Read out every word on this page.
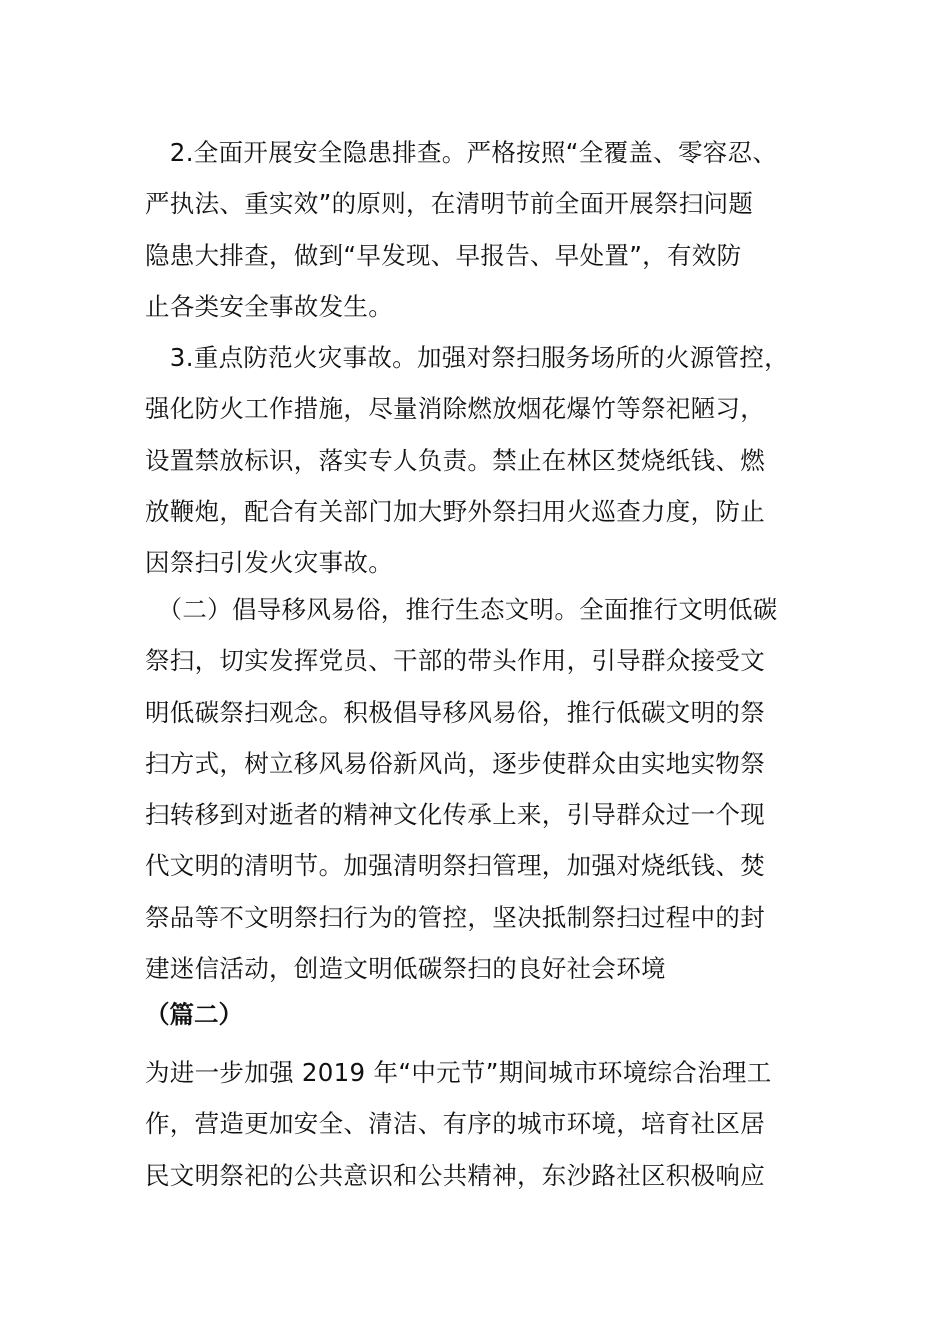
　2.全面开展安全隐患排查。严格按照“全覆盖、零容忍、
严执法、重实效”的原则，在清明节前全面开展祭扫问题
隐患大排查，做到“早发现、早报告、早处置”，有效防
止各类安全事故发生。
　3.重点防范火灾事故。加强对祭扫服务场所的火源管控，
强化防火工作措施，尽量消除燃放烟花爆竹等祭祀陋习，
设置禁放标识，落实专人负责。禁止在林区焚烧纸钱、燃
放鞭炮，配合有关部门加大野外祭扫用火巡查力度，防止
因祭扫引发火灾事故。
　（二）倡导移风易俗，推行生态文明。全面推行文明低碳
祭扫，切实发挥党员、干部的带头作用，引导群众接受文
明低碳祭扫观念。积极倡导移风易俗，推行低碳文明的祭
扫方式，树立移风易俗新风尚，逐步使群众由实地实物祭
扫转移到对逝者的精神文化传承上来，引导群众过一个现
代文明的清明节。加强清明祭扫管理，加强对烧纸钱、焚
祭品等不文明祭扫行为的管控，坚决抵制祭扫过程中的封
建迷信活动，创造文明低碳祭扫的良好社会环境
（篇二）
为进一步加强 2019 年“中元节”期间城市环境综合治理工
作，营造更加安全、清洁、有序的城市环境，培育社区居
民文明祭祀的公共意识和公共精神，东沙路社区积极响应
